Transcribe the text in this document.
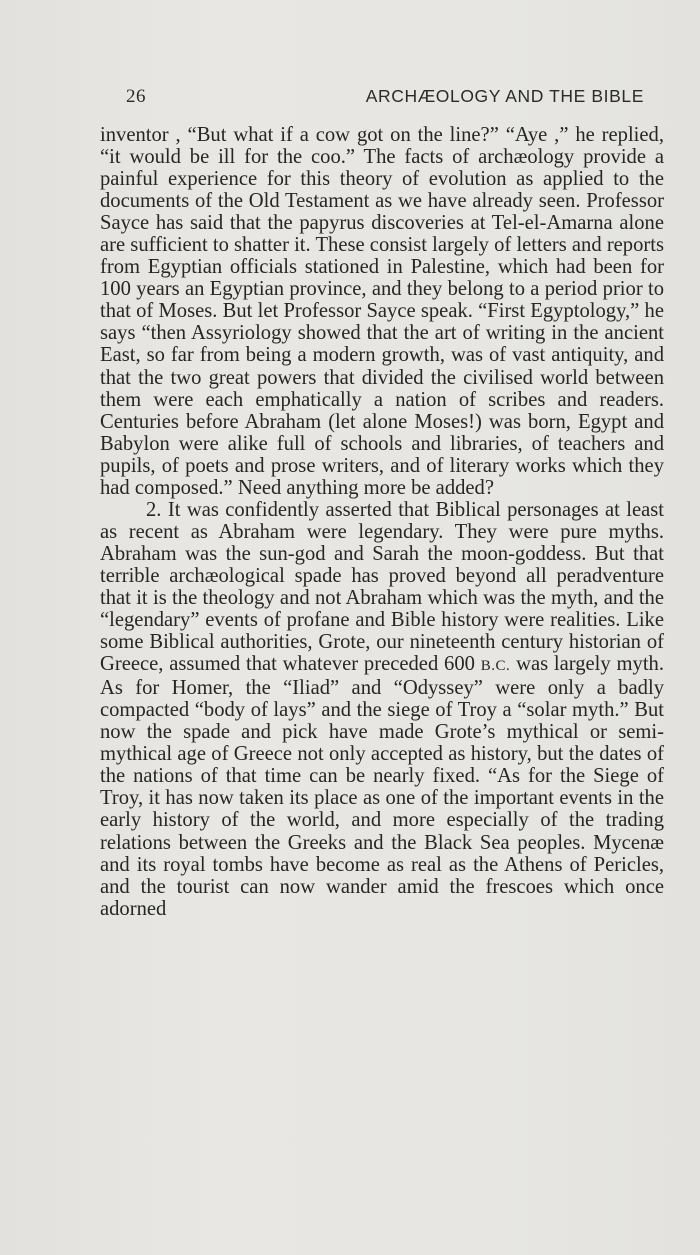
26	ARCHÆOLOGY AND THE BIBLE

inventor , “But what if a cow got on the line?” “Aye ,” he replied, “it would be ill for the coo.” The facts of archæology provide a painful experience for this theory of evolution as applied to the documents of the Old Testament as we have already seen. Professor Sayce has said that the papyrus discoveries at Tel-el-Amarna alone are sufficient to shatter it. These consist largely of letters and reports from Egyptian officials stationed in Palestine, which had been for 100 years an Egyptian province, and they belong to a period prior to that of Moses. But let Professor Sayce speak. “First Egyptology,” he says “then Assyriology showed that the art of writing in the ancient East, so far from being a modern growth, was of vast antiquity, and that the two great powers that divided the civilised world between them were each emphatically a nation of scribes and readers. Centuries before Abraham (let alone Moses!) was born, Egypt and Babylon were alike full of schools and libraries, of teachers and pupils, of poets and prose writers, and of literary works which they had composed.” Need anything more be added?

2. It was confidently asserted that Biblical personages at least as recent as Abraham were legendary. They were pure myths. Abraham was the sun-god and Sarah the moon-goddess. But that terrible archæological spade has proved beyond all peradventure that it is the theology and not Abraham which was the myth, and the “legendary” events of profane and Bible history were realities. Like some Biblical authorities, Grote, our nineteenth century historian of Greece, assumed that whatever preceded 600 B.C. was largely myth. As for Homer, the “Iliad” and “Odyssey” were only a badly compacted “body of lays” and the siege of Troy a “solar myth.” But now the spade and pick have made Grote’s mythical or semi-mythical age of Greece not only accepted as history, but the dates of the nations of that time can be nearly fixed. “As for the Siege of Troy, it has now taken its place as one of the important events in the early history of the world, and more especially of the trading relations between the Greeks and the Black Sea peoples. Mycenæ and its royal tombs have become as real as the Athens of Pericles, and the tourist can now wander amid the frescoes which once adorned
